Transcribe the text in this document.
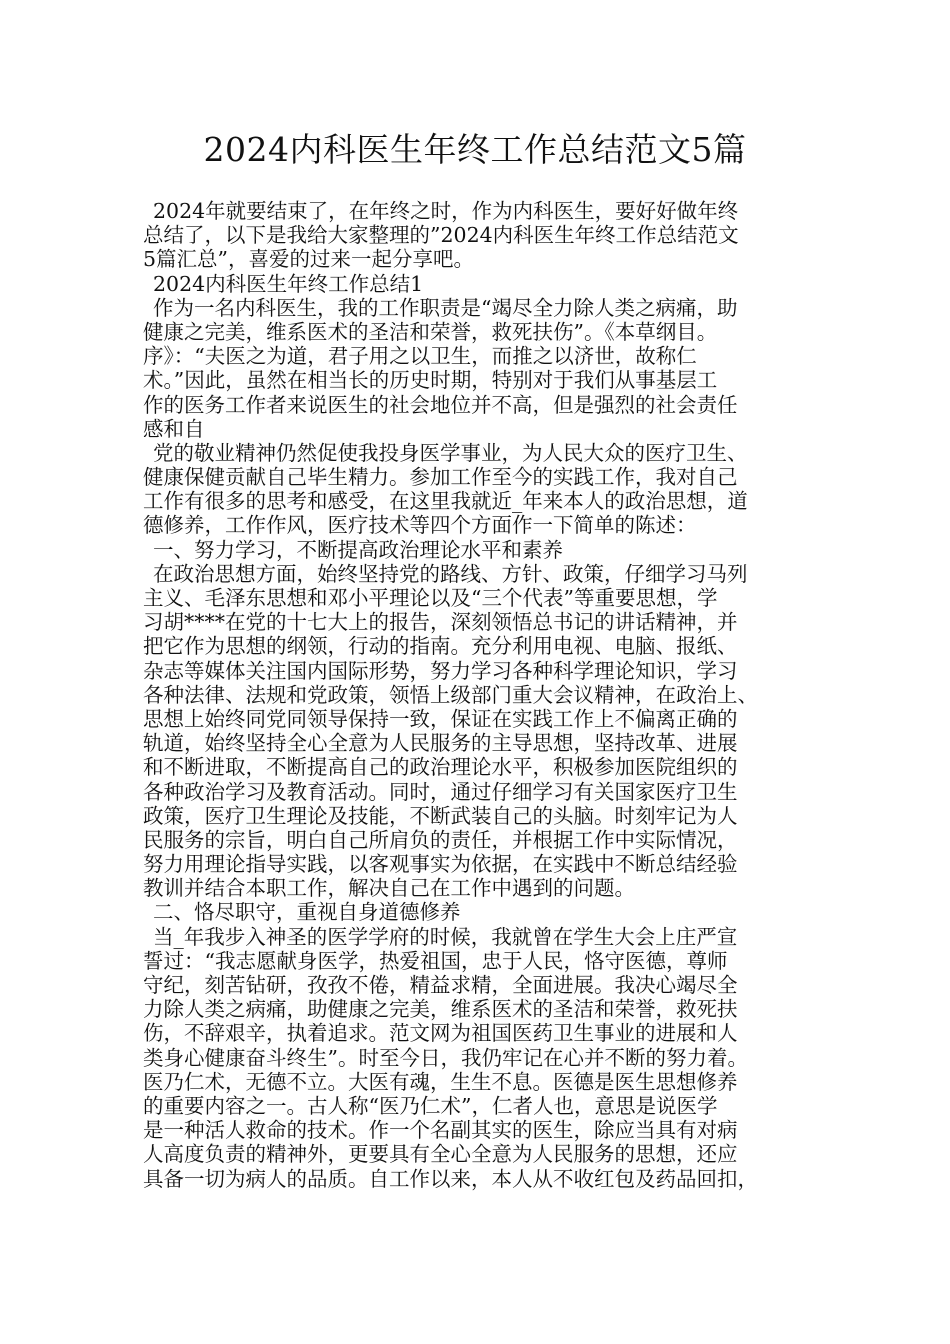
2024内科医生年终工作总结范文5篇
2024年就要结束了，在年终之时，作为内科医生，要好好做年终
总结了，以下是我给大家整理的”2024内科医生年终工作总结范文
5篇汇总”，喜爱的过来一起分享吧。
2024内科医生年终工作总结1
作为一名内科医生，我的工作职责是“竭尽全力除人类之病痛，助
健康之完美，维系医术的圣洁和荣誉，救死扶伤”。《本草纲目。
序》：“夫医之为道，君子用之以卫生，而推之以济世，故称仁
术。”因此，虽然在相当长的历史时期，特别对于我们从事基层工
作的医务工作者来说医生的社会地位并不高，但是强烈的社会责任
感和自
党的敬业精神仍然促使我投身医学事业，为人民大众的医疗卫生、
健康保健贡献自己毕生精力。参加工作至今的实践工作，我对自己
工作有很多的思考和感受，在这里我就近_年来本人的政治思想，道
德修养，工作作风，医疗技术等四个方面作一下简单的陈述：
一、努力学习，不断提高政治理论水平和素养
在政治思想方面，始终坚持党的路线、方针、政策，仔细学习马列
主义、毛泽东思想和邓小平理论以及“三个代表”等重要思想，学
习胡****在党的十七大上的报告，深刻领悟总书记的讲话精神，并
把它作为思想的纲领，行动的指南。充分利用电视、电脑、报纸、
杂志等媒体关注国内国际形势，努力学习各种科学理论知识，学习
各种法律、法规和党政策，领悟上级部门重大会议精神，在政治上、
思想上始终同党同领导保持一致，保证在实践工作上不偏离正确的
轨道，始终坚持全心全意为人民服务的主导思想，坚持改革、进展
和不断进取，不断提高自己的政治理论水平，积极参加医院组织的
各种政治学习及教育活动。同时，通过仔细学习有关国家医疗卫生
政策，医疗卫生理论及技能，不断武装自己的头脑。时刻牢记为人
民服务的宗旨，明白自己所肩负的责任，并根据工作中实际情况，
努力用理论指导实践，以客观事实为依据，在实践中不断总结经验
教训并结合本职工作，解决自己在工作中遇到的问题。
二、恪尽职守，重视自身道德修养
当_年我步入神圣的医学学府的时候，我就曾在学生大会上庄严宣
誓过：“我志愿献身医学，热爱祖国，忠于人民，恪守医德，尊师
守纪，刻苦钻研，孜孜不倦，精益求精，全面进展。我决心竭尽全
力除人类之病痛，助健康之完美，维系医术的圣洁和荣誉，救死扶
伤，不辞艰辛，执着追求。范文网为祖国医药卫生事业的进展和人
类身心健康奋斗终生”。时至今日，我仍牢记在心并不断的努力着。
医乃仁术，无德不立。大医有魂，生生不息。医德是医生思想修养
的重要内容之一。古人称“医乃仁术”，仁者人也，意思是说医学
是一种活人救命的技术。作一个名副其实的医生，除应当具有对病
人高度负责的精神外，更要具有全心全意为人民服务的思想，还应
具备一切为病人的品质。自工作以来，本人从不收红包及药品回扣，
